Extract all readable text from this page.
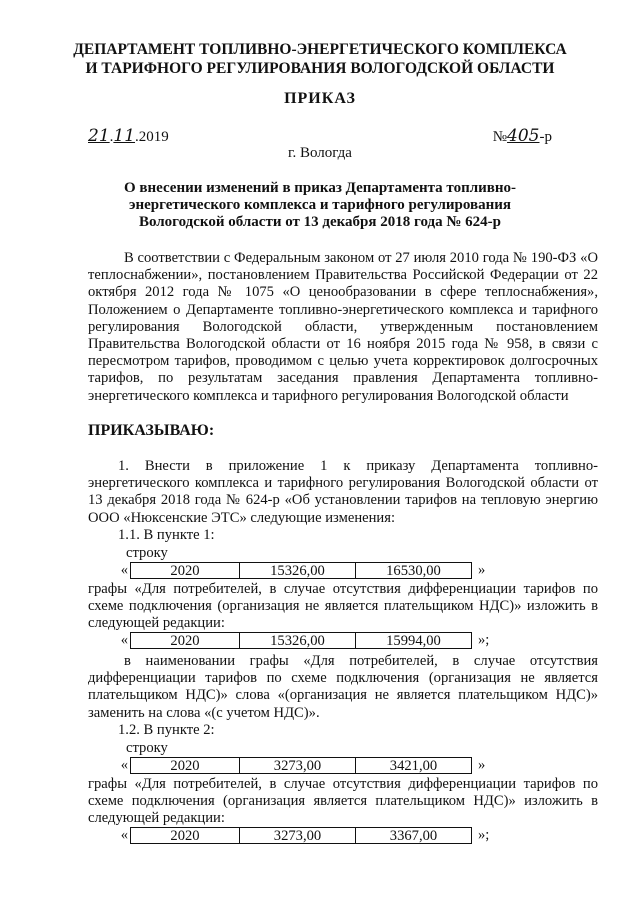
ДЕПАРТАМЕНТ ТОПЛИВНО-ЭНЕРГЕТИЧЕСКОГО КОМПЛЕКСА
И ТАРИФНОГО РЕГУЛИРОВАНИЯ ВОЛОГОДСКОЙ ОБЛАСТИ
ПРИКАЗ
21.11.2019	№405-р
г. Вологда
О внесении изменений в приказ Департамента топливно-энергетического комплекса и тарифного регулирования Вологодской области от 13 декабря 2018 года № 624-р
В соответствии с Федеральным законом от 27 июля 2010 года № 190-ФЗ «О теплоснабжении», постановлением Правительства Российской Федерации от 22 октября 2012 года № 1075 «О ценообразовании в сфере теплоснабжения», Положением о Департаменте топливно-энергетического комплекса и тарифного регулирования Вологодской области, утвержденным постановлением Правительства Вологодской области от 16 ноября 2015 года № 958, в связи с пересмотром тарифов, проводимом с целью учета корректировок долгосрочных тарифов, по результатам заседания правления Департамента топливно-энергетического комплекса и тарифного регулирования Вологодской области
ПРИКАЗЫВАЮ:
1. Внести в приложение 1 к приказу Департамента топливно-энергетического комплекса и тарифного регулирования Вологодской области от 13 декабря 2018 года № 624-р «Об установлении тарифов на тепловую энергию ООО «Нюксенские ЭТС» следующие изменения:
1.1. В пункте 1:
строку
«	2020	15326,00	16530,00	»
графы «Для потребителей, в случае отсутствия дифференциации тарифов по схеме подключения (организация не является плательщиком НДС)» изложить в следующей редакции:
«	2020	15326,00	15994,00	»;
в наименовании графы «Для потребителей, в случае отсутствия дифференциации тарифов по схеме подключения (организация не является плательщиком НДС)» слова «(организация не является плательщиком НДС)» заменить на слова «(с учетом НДС)».
1.2. В пункте 2:
строку
«	2020	3273,00	3421,00	»
графы «Для потребителей, в случае отсутствия дифференциации тарифов по схеме подключения (организация является плательщиком НДС)» изложить в следующей редакции:
«	2020	3273,00	3367,00	»;
